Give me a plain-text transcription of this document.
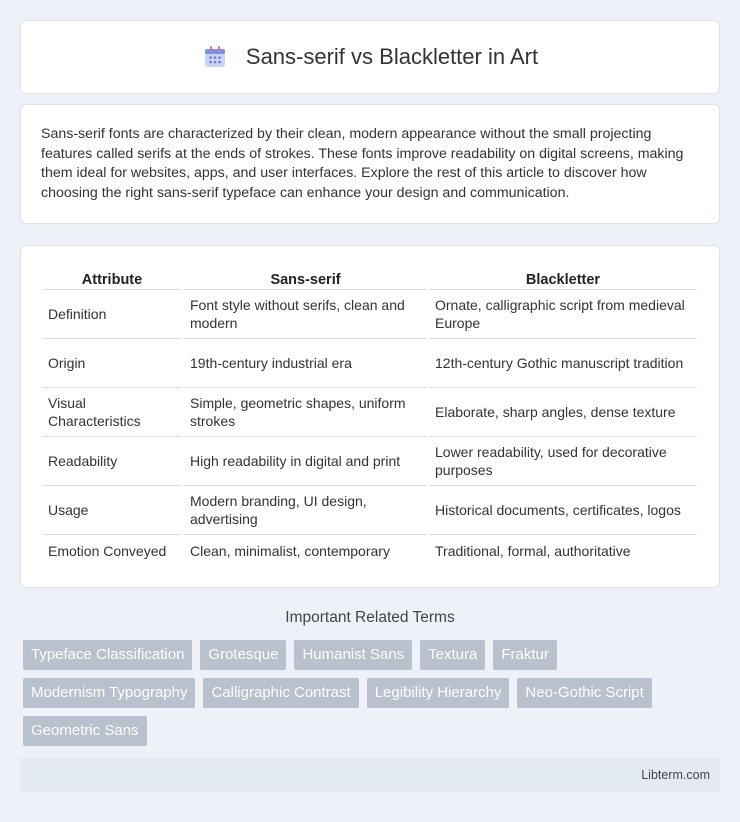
Sans-serif vs Blackletter in Art

Sans-serif fonts are characterized by their clean, modern appearance without the small projecting features called serifs at the ends of strokes. These fonts improve readability on digital screens, making them ideal for websites, apps, and user interfaces. Explore the rest of this article to discover how choosing the right sans-serif typeface can enhance your design and communication.

Attribute	Sans-serif	Blackletter
Definition	Font style without serifs, clean and modern	Ornate, calligraphic script from medieval Europe
Origin	19th-century industrial era	12th-century Gothic manuscript tradition
Visual Characteristics	Simple, geometric shapes, uniform strokes	Elaborate, sharp angles, dense texture
Readability	High readability in digital and print	Lower readability, used for decorative purposes
Usage	Modern branding, UI design, advertising	Historical documents, certificates, logos
Emotion Conveyed	Clean, minimalist, contemporary	Traditional, formal, authoritative
Important Related Terms
Typeface Classification	Grotesque	Humanist Sans	Textura	Fraktur
Modernism Typography	Calligraphic Contrast	Legibility Hierarchy	Neo-Gothic Script
Geometric Sans
Libterm.com
